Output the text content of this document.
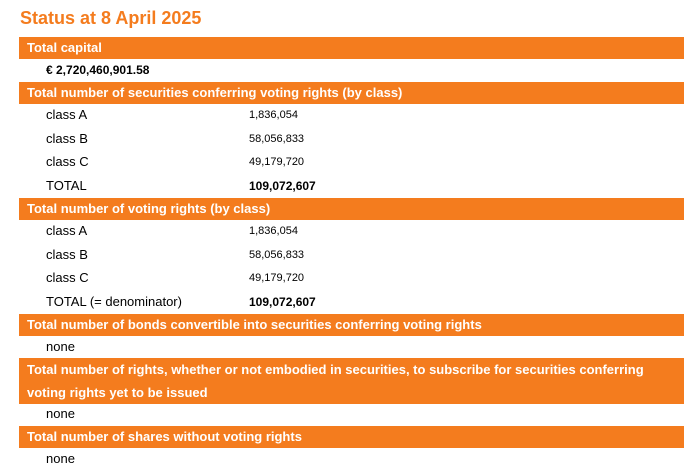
Status at 8 April 2025
Total capital
€ 2,720,460,901.58
Total number of securities conferring voting rights (by class)
class A	1,836,054
class B	58,056,833
class C	49,179,720
TOTAL	109,072,607
Total number of voting rights (by class)
class A	1,836,054
class B	58,056,833
class C	49,179,720
TOTAL (= denominator)	109,072,607
Total number of bonds convertible into securities conferring voting rights
none
Total number of rights, whether or not embodied in securities, to subscribe for securities conferring
voting rights yet to be issued
none
Total number of shares without voting rights
none
